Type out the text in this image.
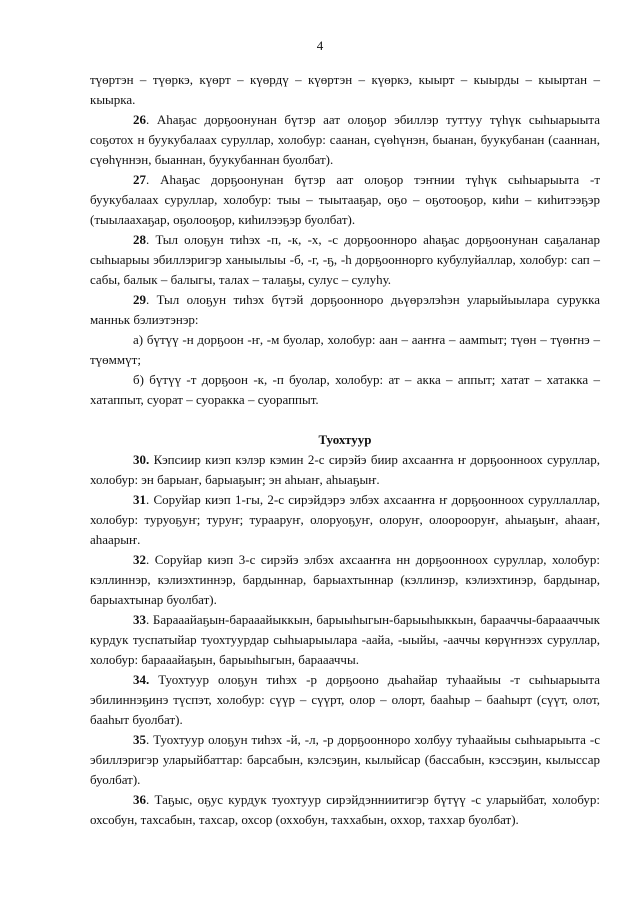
4
түөртэн – түөркэ, күөрт – күөрдү – күөртэн – күөркэ, кыырт – кыырды – кыыртан – кыырка.
26. Аһаҕас дорҕоонунан бүтэр аат олоҕор эбиллэр туттуу түһүк сыһыарыыта соҕотох н буукубалаах суруллар, холобур: саанан, сүөһүнэн, быанан, буукубанан (сааннан, сүөһүннэн, быаннан, буукубаннан буолбат).
27. Аһаҕас дорҕоонунан бүтэр аат олоҕор тэҥнии түһүк сыһыарыыта -т буукубалаах суруллар, холобур: тыы – тыытааҕар, оҕо – оҕотооҕор, киһи – киһитээҕэр (тыылаахаҕар, оҕолооҕор, киһилээҕэр буолбат).
28. Тыл олоҕун тиһэх -п, -к, -х, -с дорҕоонноро аһаҕас дорҕоонунан саҕаланар сыһыарыы эбиллэригэр ханыылыы -б, -г, -ҕ, -һ дорҕооннорго кубулуйаллар, холобур: сап – сабы, балык – балыгы, талах – талаҕы, сулус – сулуһу.
29. Тыл олоҕун тиһэх бүтэй дорҕооннорo дьүөрэлэһэн уларыйыылара сурукка манньк бэлиэтэнэр:
а) бүтүү -н дорҕоон -ҥ, -м буолар, холобур: аан – ааҥҥа – аамmыт; түөн – түөҥнэ – түөммүт;
б) бүтүү -т дорҕоон -к, -п буолар, холобур: ат – акка – аппыт; хатат – хатакка – хатаппыт, суорат – суоракка – суораппыт.
Туохтуур
30. Кэпсиир киэп кэлэр кэмин 2-с сирэйэ биир ахсааҥҥа ҥ дорҕоонноох суруллар, холобур: эн барыаҥ, барыаҕыҥ; эн аһыаҥ, аһыаҕыҥ.
31. Соруйар киэп 1-гы, 2-с сирэйдэрэ элбэх ахсааҥҥа ҥ дорҕоонноох суруллаллар, холобур: туруоҕуҥ; туруҥ; турааруҥ, олоруоҕуҥ, олоруҥ, олоорооруҥ, аһыаҕыҥ, аһааҥ, аһаарыҥ.
32. Соруйар киэп 3-с сирэйэ элбэх ахсааҥҥа нн дорҕоонноох суруллар, холобур: кэллиннэр, кэлиэхтиннэр, бардыннар, барыахтыннар (кэллинэр, кэлиэхтинэр, бардынар, барыахтынар буолбат).
33. Барааайаҕын-барааайыккын, барыыhыгын-барыыhыккын, барааччы-бараааччык курдук туспатыйар туохтуурдар сыһыарыылара -аайа, -ыыйы, -ааччы көрүҥнээх суруллар, холобур: барааайаҕын, барыыhыгын, бараааччы.
34. Туохтуур олоҕун тиһэх -р дорҕооно дьаһайар туһаайыы -т сыһыарыыта эбилиннэҕинэ түспэт, холобур: сүүр – сүүрт, олор – олорт, бааһыр – бааһырт (сүүт, олот, бааһыт буолбат).
35. Туохтуур олоҕун тиһэх -й, -л, -р дорҕооннорo холбуу туһаайыы сыһыарыыта -с эбиллэригэр уларыйбаттар: барсабын, кэлсэҕин, кылыйсар (бассабын, кэсcэҕин, кылыссар буолбат).
36. Таҕыс, оҕус курдук туохтуур сирэйдэнниитигэр бүтүү -с уларыйбат, холобур: охсобун, тахсабын, тахсар, охсор (оххобун, таххабын, оххор, таххар буолбат).
